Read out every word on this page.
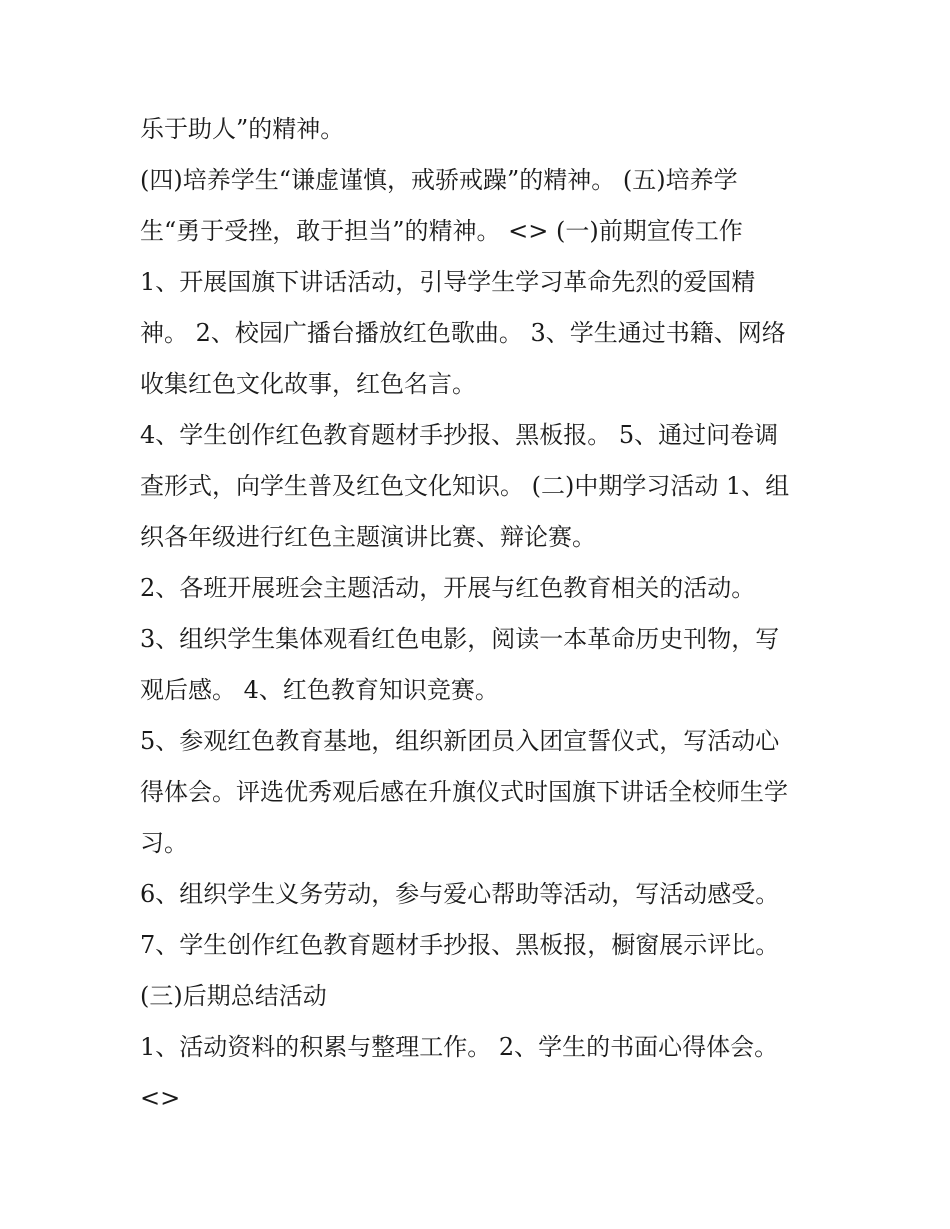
乐于助人”的精神。
(四)培养学生“谦虚谨慎，戒骄戒躁”的精神。 (五)培养学
生“勇于受挫，敢于担当”的精神。 <> (一)前期宣传工作
1、开展国旗下讲话活动，引导学生学习革命先烈的爱国精
神。 2、校园广播台播放红色歌曲。 3、学生通过书籍、网络
收集红色文化故事，红色名言。
4、学生创作红色教育题材手抄报、黑板报。 5、通过问卷调
查形式，向学生普及红色文化知识。 (二)中期学习活动 1、组
织各年级进行红色主题演讲比赛、辩论赛。
2、各班开展班会主题活动，开展与红色教育相关的活动。
3、组织学生集体观看红色电影，阅读一本革命历史刊物，写
观后感。 4、红色教育知识竞赛。
5、参观红色教育基地，组织新团员入团宣誓仪式，写活动心
得体会。评选优秀观后感在升旗仪式时国旗下讲话全校师生学
习。
6、组织学生义务劳动，参与爱心帮助等活动，写活动感受。
7、学生创作红色教育题材手抄报、黑板报，橱窗展示评比。
(三)后期总结活动
1、活动资料的积累与整理工作。 2、学生的书面心得体会。
<>
